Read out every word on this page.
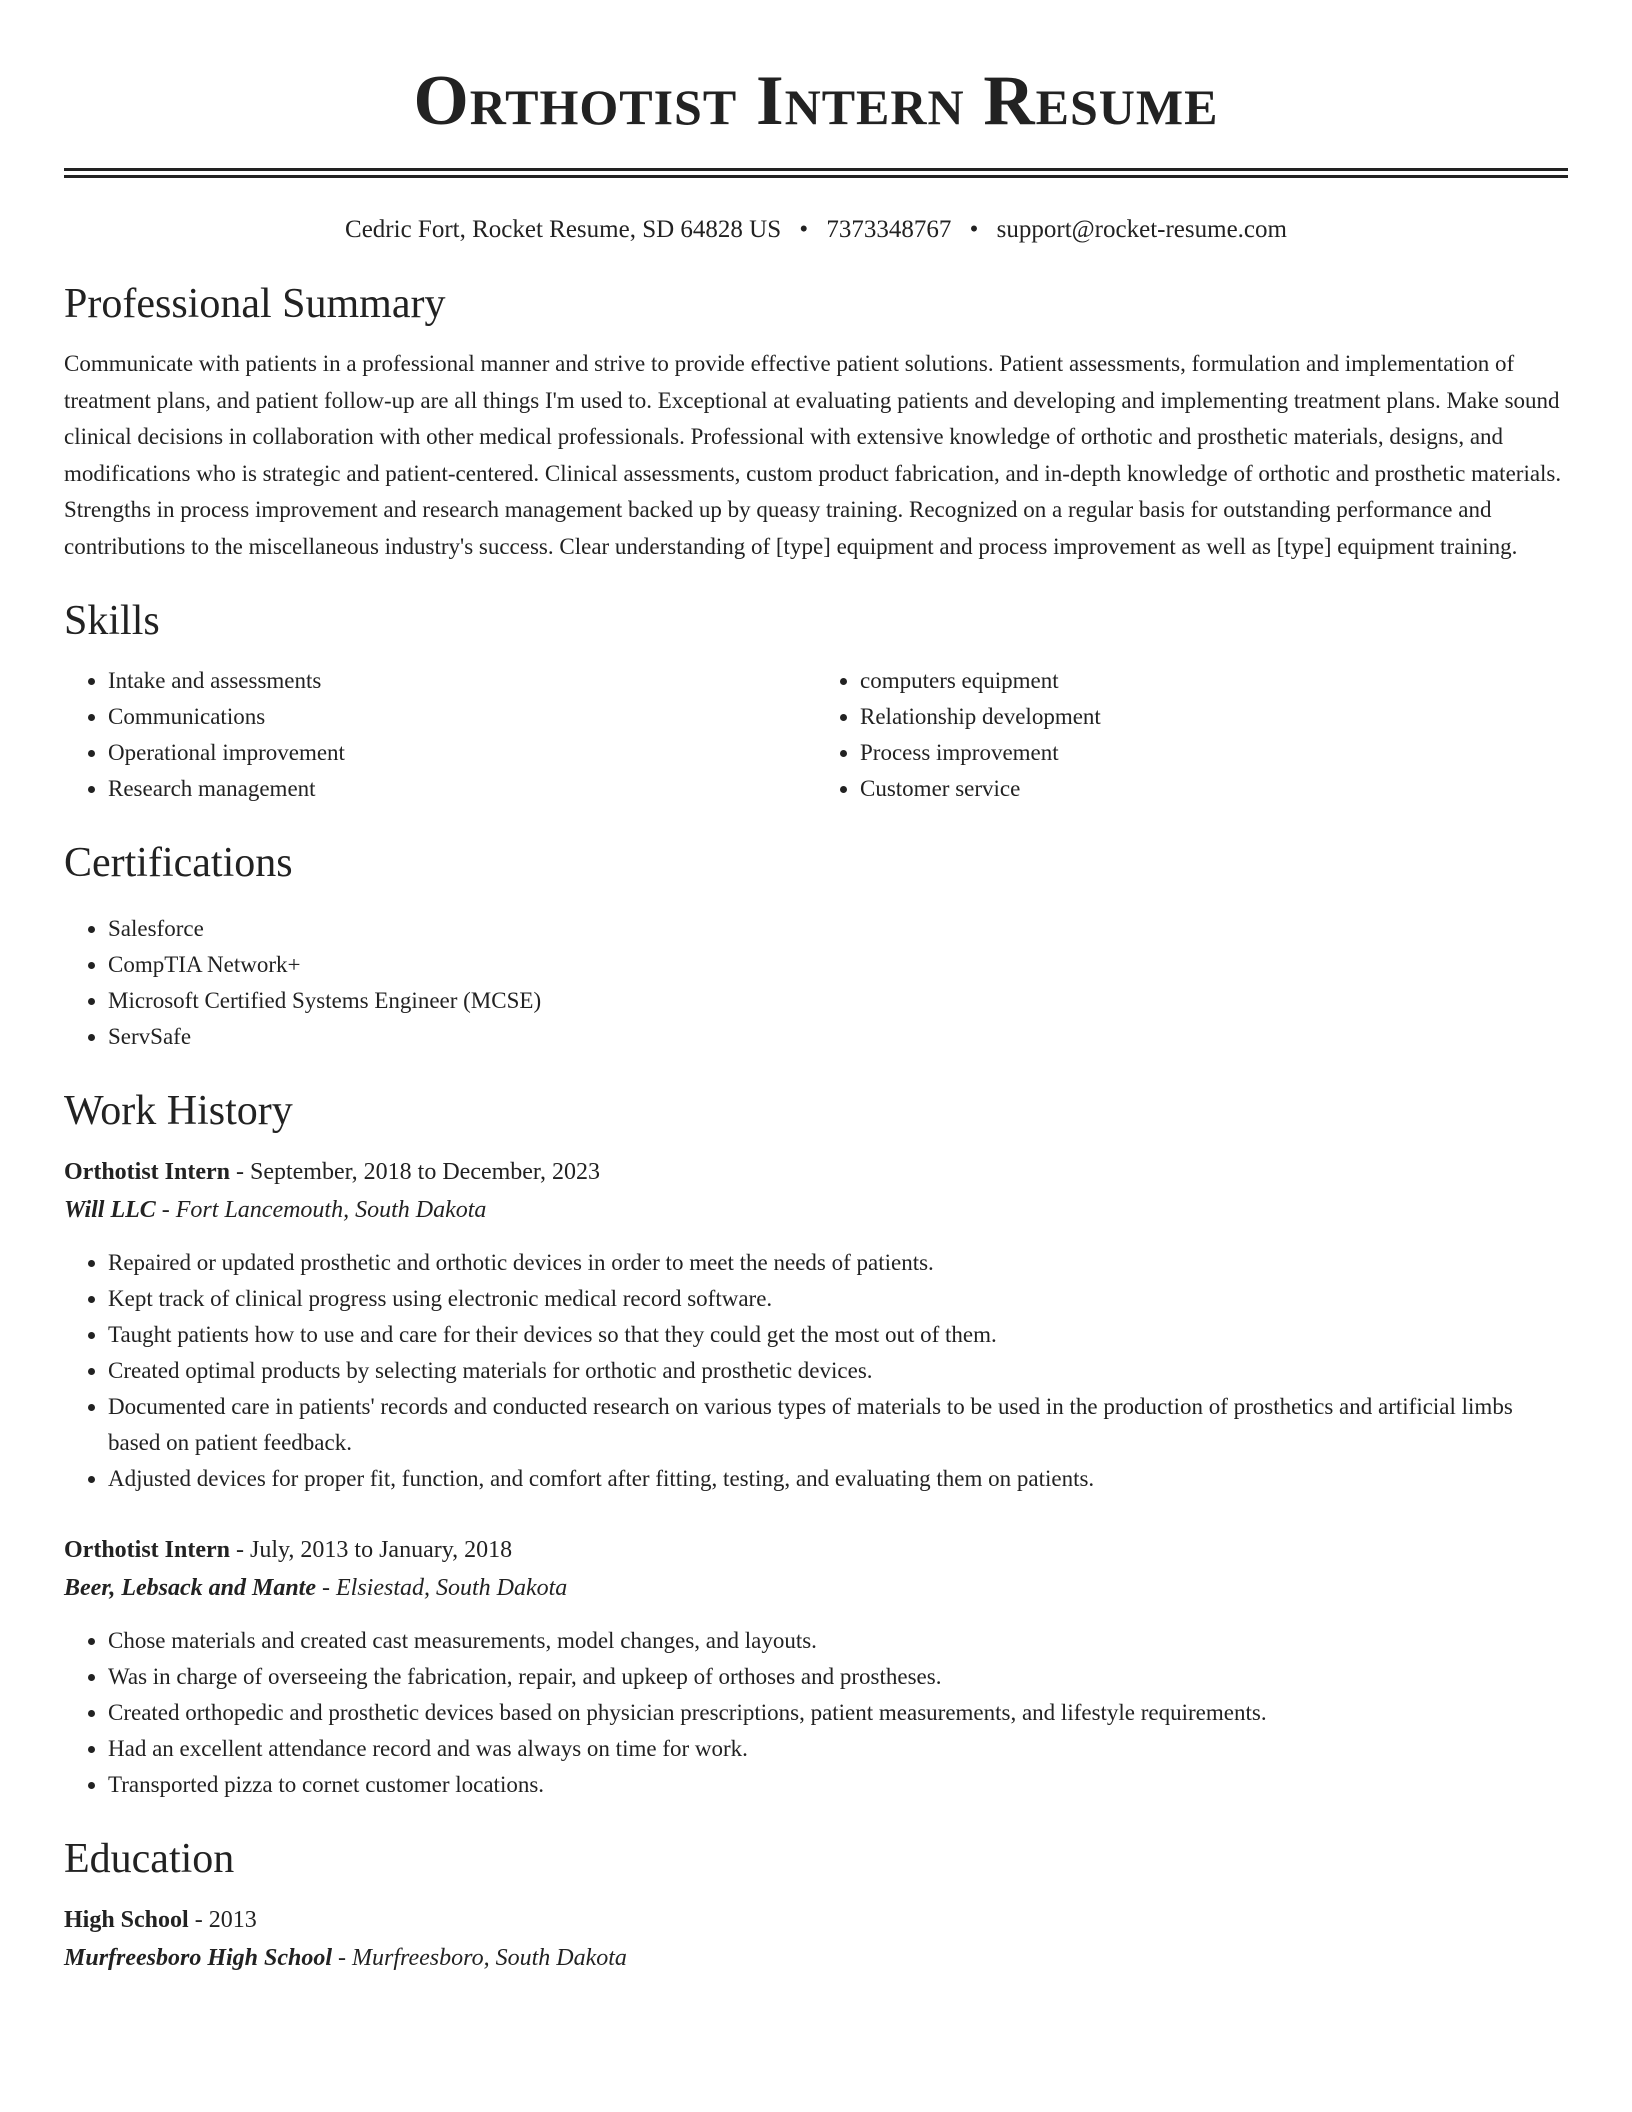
Orthotist Intern Resume
Cedric Fort, Rocket Resume, SD 64828 US • 7373348767 • support@rocket-resume.com
Professional Summary

Communicate with patients in a professional manner and strive to provide effective patient solutions. Patient assessments, formulation and implementation of treatment plans, and patient follow-up are all things I'm used to. Exceptional at evaluating patients and developing and implementing treatment plans. Make sound clinical decisions in collaboration with other medical professionals. Professional with extensive knowledge of orthotic and prosthetic materials, designs, and modifications who is strategic and patient-centered. Clinical assessments, custom product fabrication, and in-depth knowledge of orthotic and prosthetic materials. Strengths in process improvement and research management backed up by queasy training. Recognized on a regular basis for outstanding performance and contributions to the miscellaneous industry's success. Clear understanding of [type] equipment and process improvement as well as [type] equipment training.

Skills
• Intake and assessments
• Communications
• Operational improvement
• Research management
• computers equipment
• Relationship development
• Process improvement
• Customer service
Certifications
• Salesforce
• CompTIA Network+
• Microsoft Certified Systems Engineer (MCSE)
• ServSafe
Work History
Orthotist Intern - September, 2018 to December, 2023
Will LLC - Fort Lancemouth, South Dakota
• Repaired or updated prosthetic and orthotic devices in order to meet the needs of patients.
• Kept track of clinical progress using electronic medical record software.
• Taught patients how to use and care for their devices so that they could get the most out of them.
• Created optimal products by selecting materials for orthotic and prosthetic devices.
• Documented care in patients' records and conducted research on various types of materials to be used in the production of prosthetics and artificial limbs based on patient feedback.
• Adjusted devices for proper fit, function, and comfort after fitting, testing, and evaluating them on patients.
Orthotist Intern - July, 2013 to January, 2018
Beer, Lebsack and Mante - Elsiestad, South Dakota
• Chose materials and created cast measurements, model changes, and layouts.
• Was in charge of overseeing the fabrication, repair, and upkeep of orthoses and prostheses.
• Created orthopedic and prosthetic devices based on physician prescriptions, patient measurements, and lifestyle requirements.
• Had an excellent attendance record and was always on time for work.
• Transported pizza to cornet customer locations.
Education
High School - 2013
Murfreesboro High School - Murfreesboro, South Dakota
